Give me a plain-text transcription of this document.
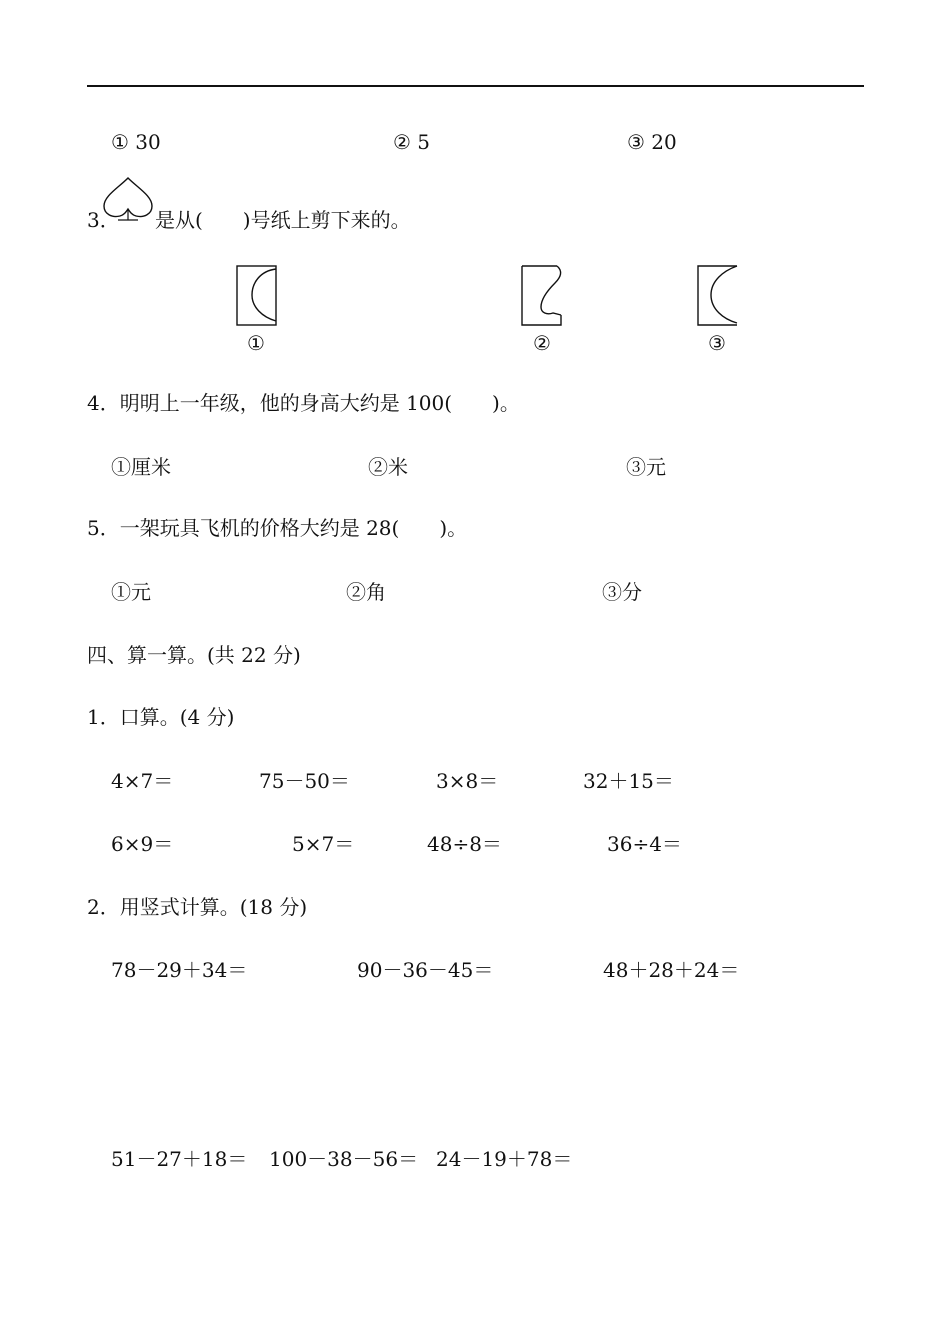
① 30	② 5	③ 20
3． 是从(　　)号纸上剪下来的。
①	②	③
4．明明上一年级，他的身高大约是 100(　　)。
①厘米	②米	③元
5．一架玩具飞机的价格大约是 28(　　)。
①元	②角	③分
四、算一算。(共 22 分)
1．口算。(4 分)
4×7＝	75－50＝	3×8＝	32＋15＝
6×9＝	5×7＝	48÷8＝	36÷4＝
2．用竖式计算。(18 分)
78－29＋34＝	90－36－45＝	48＋28＋24＝
51－27＋18＝ 100－38－56＝ 24－19＋78＝
